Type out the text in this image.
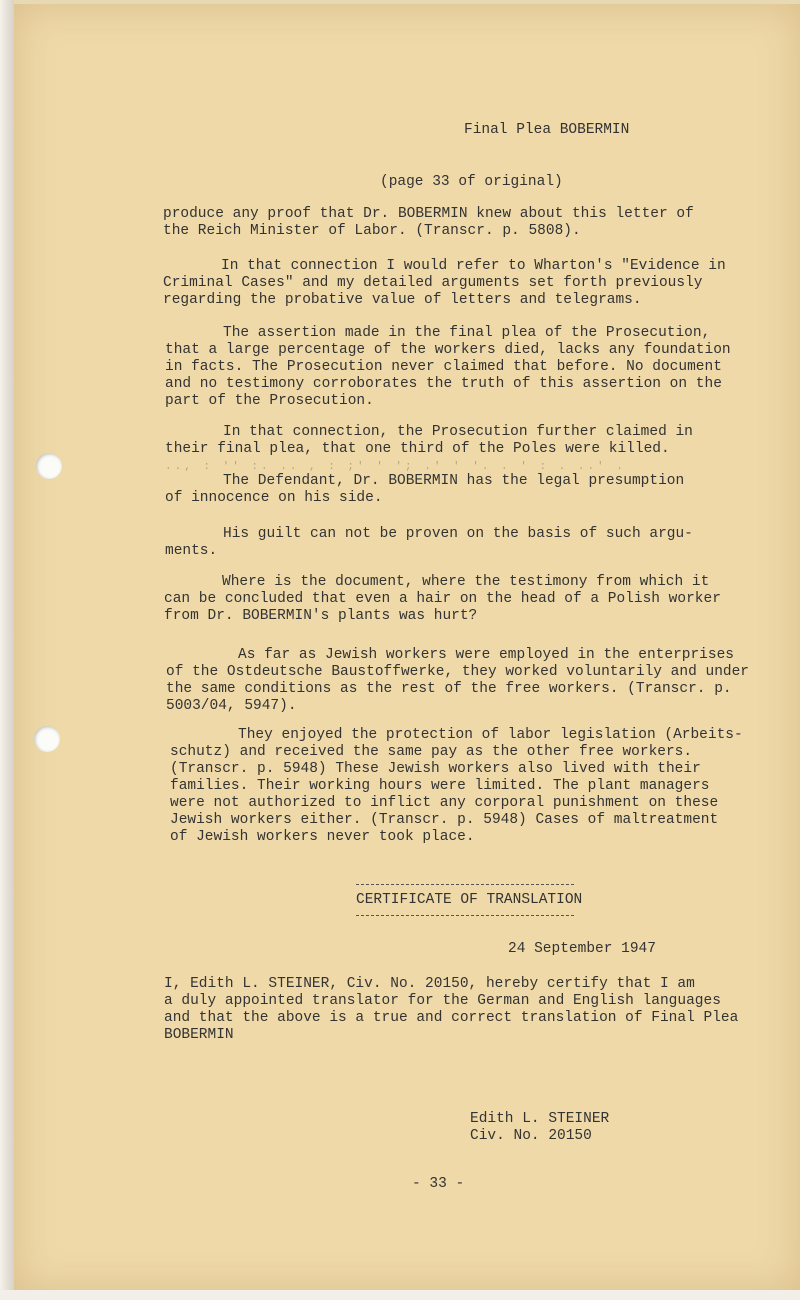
Final Plea BOBERMIN
(page 33 of original)
produce any proof that Dr. BOBERMIN knew about this letter of
the Reich Minister of Labor. (Transcr. p. 5808).
In that connection I would refer to Wharton's "Evidence in
Criminal Cases" and my detailed arguments set forth previously
regarding the probative value of letters and telegrams.
The assertion made in the final plea of the Prosecution,
that a large percentage of the workers died, lacks any foundation
in facts. The Prosecution never claimed that before. No document
and no testimony corroborates the truth of this assertion on the
part of the Prosecution.
In that connection, the Prosecution further claimed in
their final plea, that one third of the Poles were killed.
.., : '' :. .. , : ;' ' '; .' ' '. . ' : . ..' .
The Defendant, Dr. BOBERMIN has the legal presumption
of innocence on his side.
His guilt can not be proven on the basis of such argu-
ments.
Where is the document, where the testimony from which it
can be concluded that even a hair on the head of a Polish worker
from Dr. BOBERMIN's plants was hurt?
As far as Jewish workers were employed in the enterprises
of the Ostdeutsche Baustoffwerke, they worked voluntarily and under
the same conditions as the rest of the free workers. (Transcr. p.
5003/04, 5947).
They enjoyed the protection of labor legislation (Arbeits-
schutz) and received the same pay as the other free workers.
(Transcr. p. 5948) These Jewish workers also lived with their
families. Their working hours were limited. The plant managers
were not authorized to inflict any corporal punishment on these
Jewish workers either. (Transcr. p. 5948) Cases of maltreatment
of Jewish workers never took place.
CERTIFICATE OF TRANSLATION
24 September 1947
I, Edith L. STEINER, Civ. No. 20150, hereby certify that I am
a duly appointed translator for the German and English languages
and that the above is a true and correct translation of Final Plea
BOBERMIN
Edith L. STEINER
Civ. No. 20150
- 33 -
